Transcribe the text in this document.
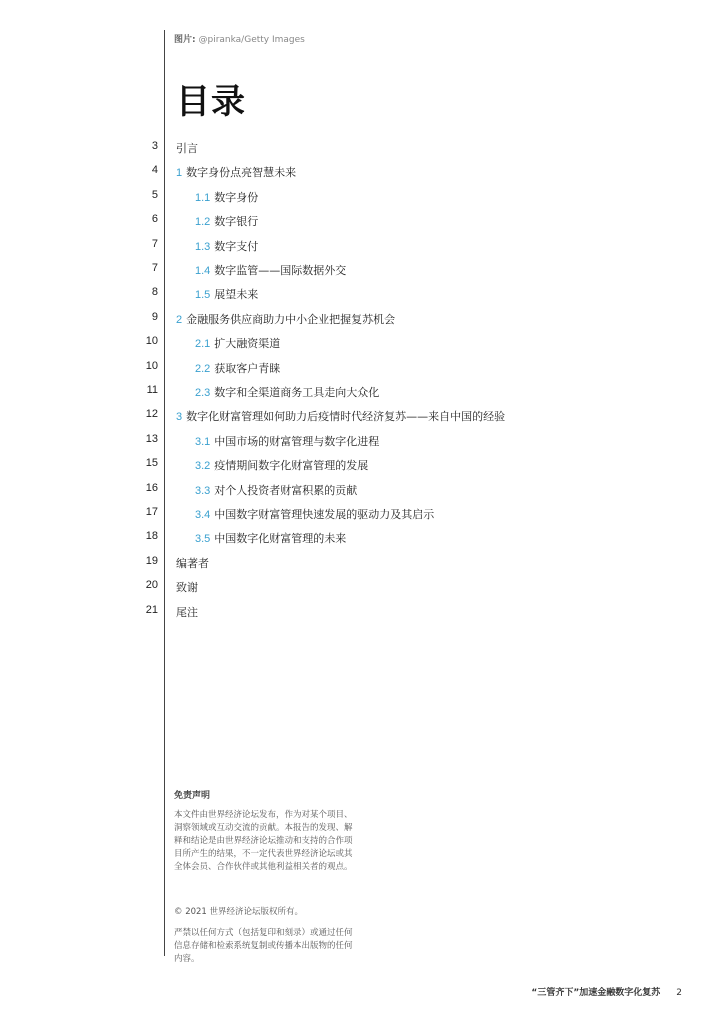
图片: @piranka/Getty Images
目录
3 引言
4 1 数字身份点亮智慧未来
5	1.1 数字身份
6	1.2 数字银行
7	1.3 数字支付
7	1.4 数字监管——国际数据外交
8	1.5 展望未来
9 2 金融服务供应商助力中小企业把握复苏机会
10	2.1 扩大融资渠道
10	2.2 获取客户青睐
11	2.3 数字和全渠道商务工具走向大众化
12 3 数字化财富管理如何助力后疫情时代经济复苏——来自中国的经验
13	3.1 中国市场的财富管理与数字化进程
15	3.2 疫情期间数字化财富管理的发展
16	3.3 对个人投资者财富积累的贡献
17	3.4 中国数字财富管理快速发展的驱动力及其启示
18	3.5 中国数字化财富管理的未来
19 编著者
20 致谢
21 尾注
免责声明
本文件由世界经济论坛发布，作为对某个项目、洞察领域或互动交流的贡献。本报告的发现、解释和结论是由世界经济论坛推动和支持的合作项目所产生的结果，不一定代表世界经济论坛或其全体会员、合作伙伴或其他利益相关者的观点。

© 2021 世界经济论坛版权所有。

严禁以任何方式（包括复印和刻录）或通过任何信息存储和检索系统复制或传播本出版物的任何内容。

“三管齐下”加速金融数字化复苏 2
